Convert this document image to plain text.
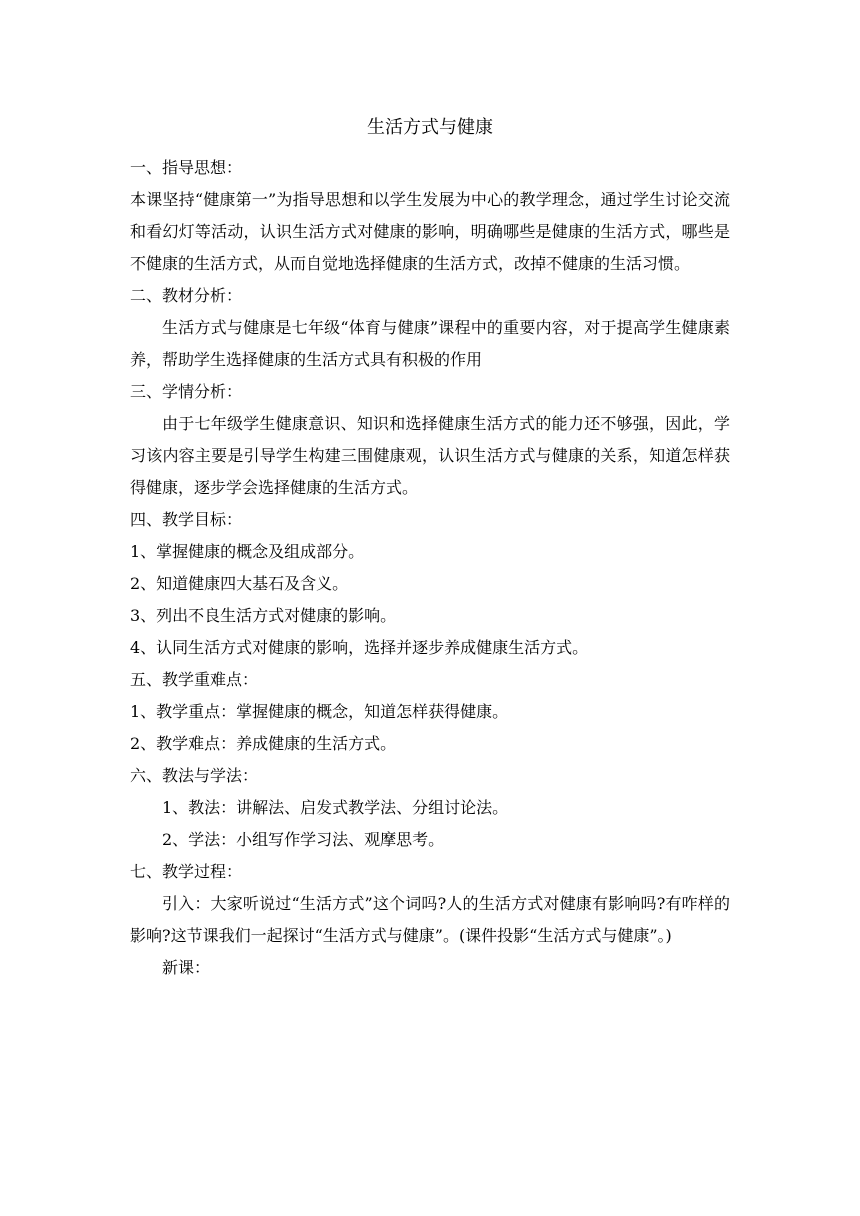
生活方式与健康
一、指导思想：
本课坚持“健康第一”为指导思想和以学生发展为中心的教学理念，通过学生讨论交流和看幻灯等活动，认识生活方式对健康的影响，明确哪些是健康的生活方式，哪些是不健康的生活方式，从而自觉地选择健康的生活方式，改掉不健康的生活习惯。
二、教材分析：
生活方式与健康是七年级“体育与健康”课程中的重要内容，对于提高学生健康素养，帮助学生选择健康的生活方式具有积极的作用
三、学情分析：
由于七年级学生健康意识、知识和选择健康生活方式的能力还不够强，因此，学习该内容主要是引导学生构建三围健康观，认识生活方式与健康的关系，知道怎样获得健康，逐步学会选择健康的生活方式。
四、教学目标：
1、掌握健康的概念及组成部分。
2、知道健康四大基石及含义。
3、列出不良生活方式对健康的影响。
4、认同生活方式对健康的影响，选择并逐步养成健康生活方式。
五、教学重难点：
1、教学重点：掌握健康的概念，知道怎样获得健康。
2、教学难点：养成健康的生活方式。
六、教法与学法：
1、教法：讲解法、启发式教学法、分组讨论法。
2、学法：小组写作学习法、观摩思考。
七、教学过程：
引入：大家听说过“生活方式”这个词吗?人的生活方式对健康有影响吗?有咋样的影响?这节课我们一起探讨“生活方式与健康”。(课件投影“生活方式与健康”。)
新课：
